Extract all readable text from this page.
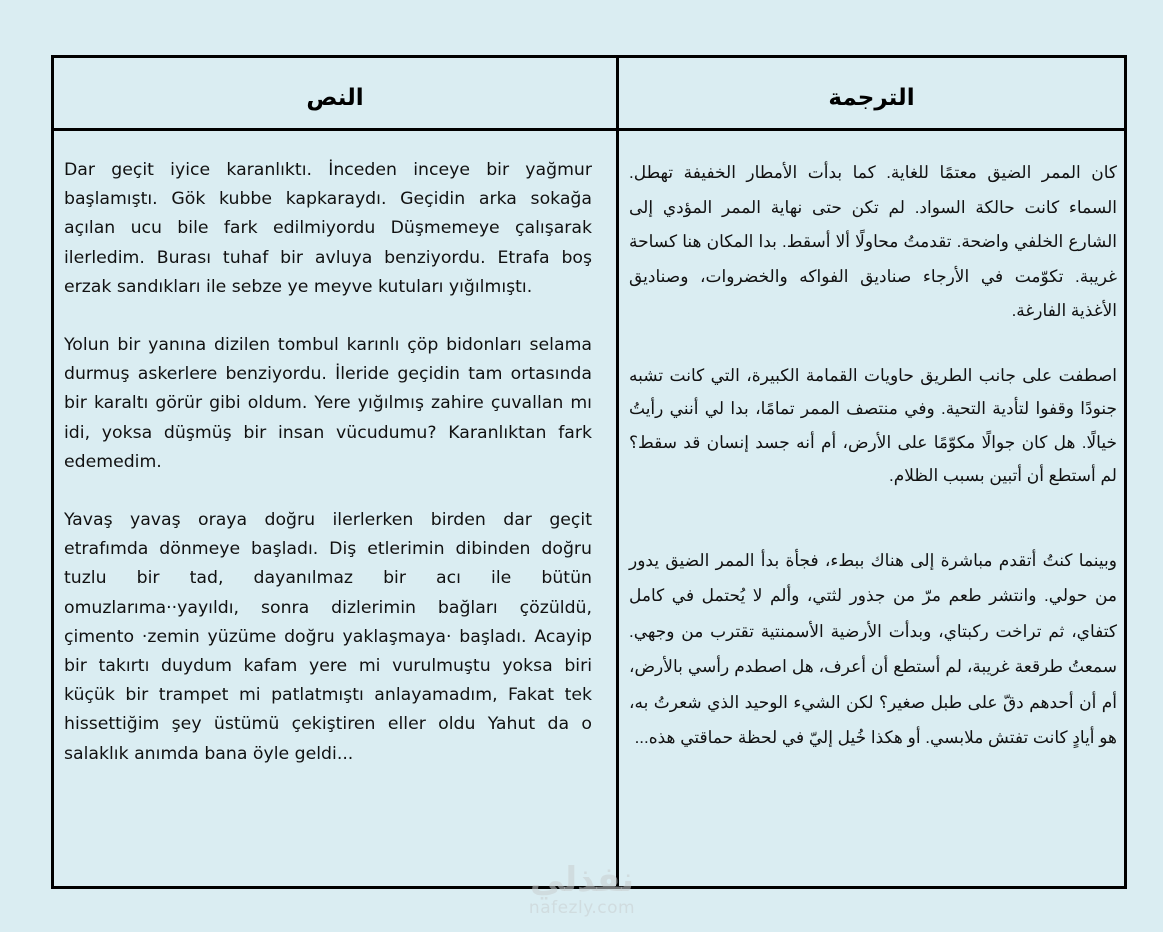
النص	الترجمة

Dar geçit iyice karanlıktı. İnceden inceye bir yağmur başlamıştı. Gök kubbe kapkaraydı. Geçidin arka sokağa açılan ucu bile fark edilmiyordu Düşmemeye çalışarak ilerledim. Burası tuhaf bir avluya benziyordu. Etrafa boş erzak sandıkları ile sebze ye meyve kutuları yığılmıştı.

Yolun bir yanına dizilen tombul karınlı çöp bidonları selama durmuş askerlere benziyordu. İleride geçidin tam ortasında bir karaltı görür gibi oldum. Yere yığılmış zahire çuvallan mı idi, yoksa düşmüş bir insan vücudumu? Karanlıktan fark edemedim.

Yavaş yavaş oraya doğru ilerlerken birden dar geçit etrafımda dönmeye başladı. Diş etlerimin dibinden doğru tuzlu bir tad, dayanılmaz bir acı ile bütün omuzlarıma··yayıldı, sonra dizlerimin bağları çözüldü, çimento ·zemin yüzüme doğru yaklaşmaya· başladı. Acayip bir takırtı duydum kafam yere mi vurulmuştu yoksa biri küçük bir trampet mi patlatmıştı anlayamadım, Fakat tek hissettiğim şey üstümü çekiştiren eller oldu Yahut da o salaklık anımda bana öyle geldi...

كان الممر الضيق معتمًا للغاية. كما بدأت الأمطار الخفيفة تهطل. السماء كانت حالكة السواد. لم تكن حتى نهاية الممر المؤدي إلى الشارع الخلفي واضحة. تقدمتُ محاولًا ألا أسقط. بدا المكان هنا كساحة غريبة. تكوّمت في الأرجاء صناديق الفواكه والخضروات، وصناديق الأغذية الفارغة.

اصطفت على جانب الطريق حاويات القمامة الكبيرة، التي كانت تشبه جنودًا وقفوا لتأدية التحية. وفي منتصف الممر تمامًا، بدا لي أنني رأيتُ خيالًا. هل كان جوالًا مكوّمًا على الأرض، أم أنه جسد إنسان قد سقط؟ لم أستطع أن أتبين بسبب الظلام.

وبينما كنتُ أتقدم مباشرة إلى هناك ببطء، فجأة بدأ الممر الضيق يدور من حولي. وانتشر طعم مرّ من جذور لثتي، وألم لا يُحتمل في كامل كتفاي، ثم تراخت ركبتاي، وبدأت الأرضية الأسمنتية تقترب من وجهي. سمعتُ طرقعة غريبة، لم أستطع أن أعرف، هل اصطدم رأسي بالأرض، أم أن أحدهم دقّ على طبل صغير؟ لكن الشيء الوحيد الذي شعرتُ به، هو أيادٍ كانت تفتش ملابسي. أو هكذا خُيل إليّ في لحظة حماقتي هذه...

نفذلي
nafezly.com
